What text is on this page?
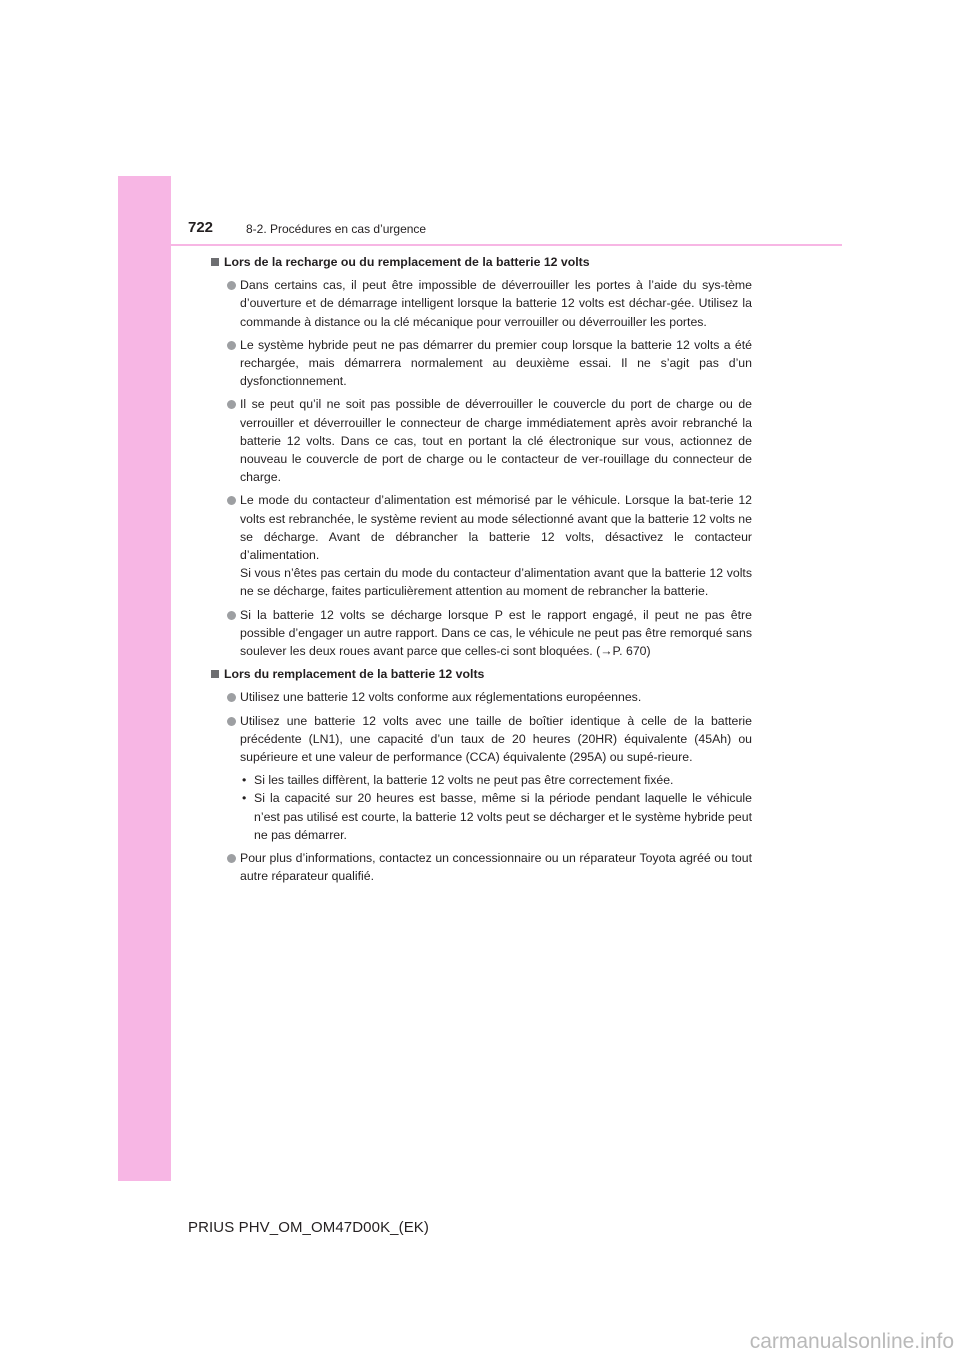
722	8-2. Procédures en cas d’urgence
Lors de la recharge ou du remplacement de la batterie 12 volts
Dans certains cas, il peut être impossible de déverrouiller les portes à l’aide du sys-tème d’ouverture et de démarrage intelligent lorsque la batterie 12 volts est déchar-gée. Utilisez la commande à distance ou la clé mécanique pour verrouiller ou déverrouiller les portes.
Le système hybride peut ne pas démarrer du premier coup lorsque la batterie 12 volts a été rechargée, mais démarrera normalement au deuxième essai. Il ne s’agit pas d’un dysfonctionnement.
Il se peut qu’il ne soit pas possible de déverrouiller le couvercle du port de charge ou de verrouiller et déverrouiller le connecteur de charge immédiatement après avoir rebranché la batterie 12 volts. Dans ce cas, tout en portant la clé électronique sur vous, actionnez de nouveau le couvercle de port de charge ou le contacteur de ver-rouillage du connecteur de charge.
Le mode du contacteur d’alimentation est mémorisé par le véhicule. Lorsque la bat-terie 12 volts est rebranchée, le système revient au mode sélectionné avant que la batterie 12 volts ne se décharge. Avant de débrancher la batterie 12 volts, désactivez le contacteur d’alimentation.
Si vous n’êtes pas certain du mode du contacteur d’alimentation avant que la batterie 12 volts ne se décharge, faites particulièrement attention au moment de rebrancher la batterie.
Si la batterie 12 volts se décharge lorsque P est le rapport engagé, il peut ne pas être possible d’engager un autre rapport. Dans ce cas, le véhicule ne peut pas être remorqué sans soulever les deux roues avant parce que celles-ci sont bloquées. (→P. 670)
Lors du remplacement de la batterie 12 volts
Utilisez une batterie 12 volts conforme aux réglementations européennes.
Utilisez une batterie 12 volts avec une taille de boîtier identique à celle de la batterie précédente (LN1), une capacité d’un taux de 20 heures (20HR) équivalente (45Ah) ou supérieure et une valeur de performance (CCA) équivalente (295A) ou supé-rieure.
• Si les tailles diffèrent, la batterie 12 volts ne peut pas être correctement fixée.
• Si la capacité sur 20 heures est basse, même si la période pendant laquelle le véhicule n’est pas utilisé est courte, la batterie 12 volts peut se décharger et le système hybride peut ne pas démarrer.
Pour plus d’informations, contactez un concessionnaire ou un réparateur Toyota agréé ou tout autre réparateur qualifié.
PRIUS PHV_OM_OM47D00K_(EK)
carmanualsonline.info
